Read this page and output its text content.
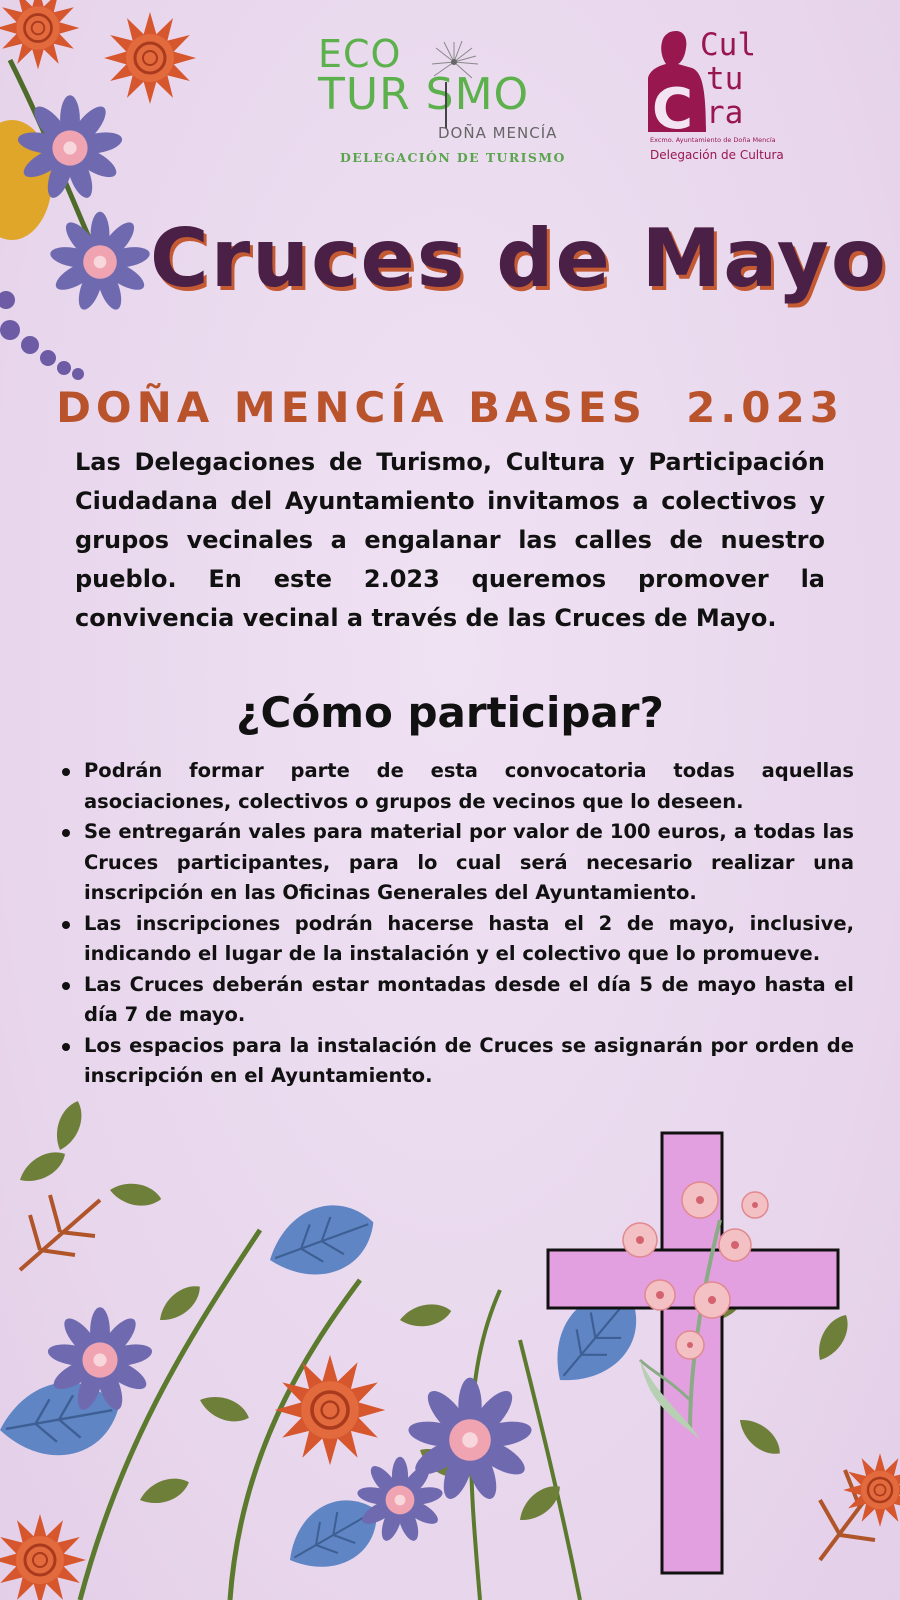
ECO
TUR SMO
DOÑA MENCÍA
DELEGACIÓN DE TURISMO
C
Cul
tu
ra
Excmo. Ayuntamiento de Doña Mencía
Delegación de Cultura
Cruces de Mayo
DOÑA MENCÍA BASES  2.023
Las Delegaciones de Turismo, Cultura y Participación Ciudadana del Ayuntamiento invitamos a colectivos y grupos vecinales a engalanar las calles de nuestro pueblo. En este 2.023 queremos promover la convivencia vecinal a través de las Cruces de Mayo.
¿Cómo participar?
Podrán formar parte de esta convocatoria todas aquellas asociaciones, colectivos o grupos de vecinos que lo deseen.
Se entregarán vales para material por valor de 100 euros, a todas las Cruces participantes, para lo cual será necesario realizar una inscripción en las Oficinas Generales del Ayuntamiento.
Las inscripciones podrán hacerse hasta el 2 de mayo, inclusive, indicando el lugar de la instalación y el colectivo que lo promueve.
Las Cruces deberán estar montadas desde el día 5 de mayo hasta el día 7 de mayo.
Los espacios para la instalación de Cruces se asignarán por orden de inscripción en el Ayuntamiento.
